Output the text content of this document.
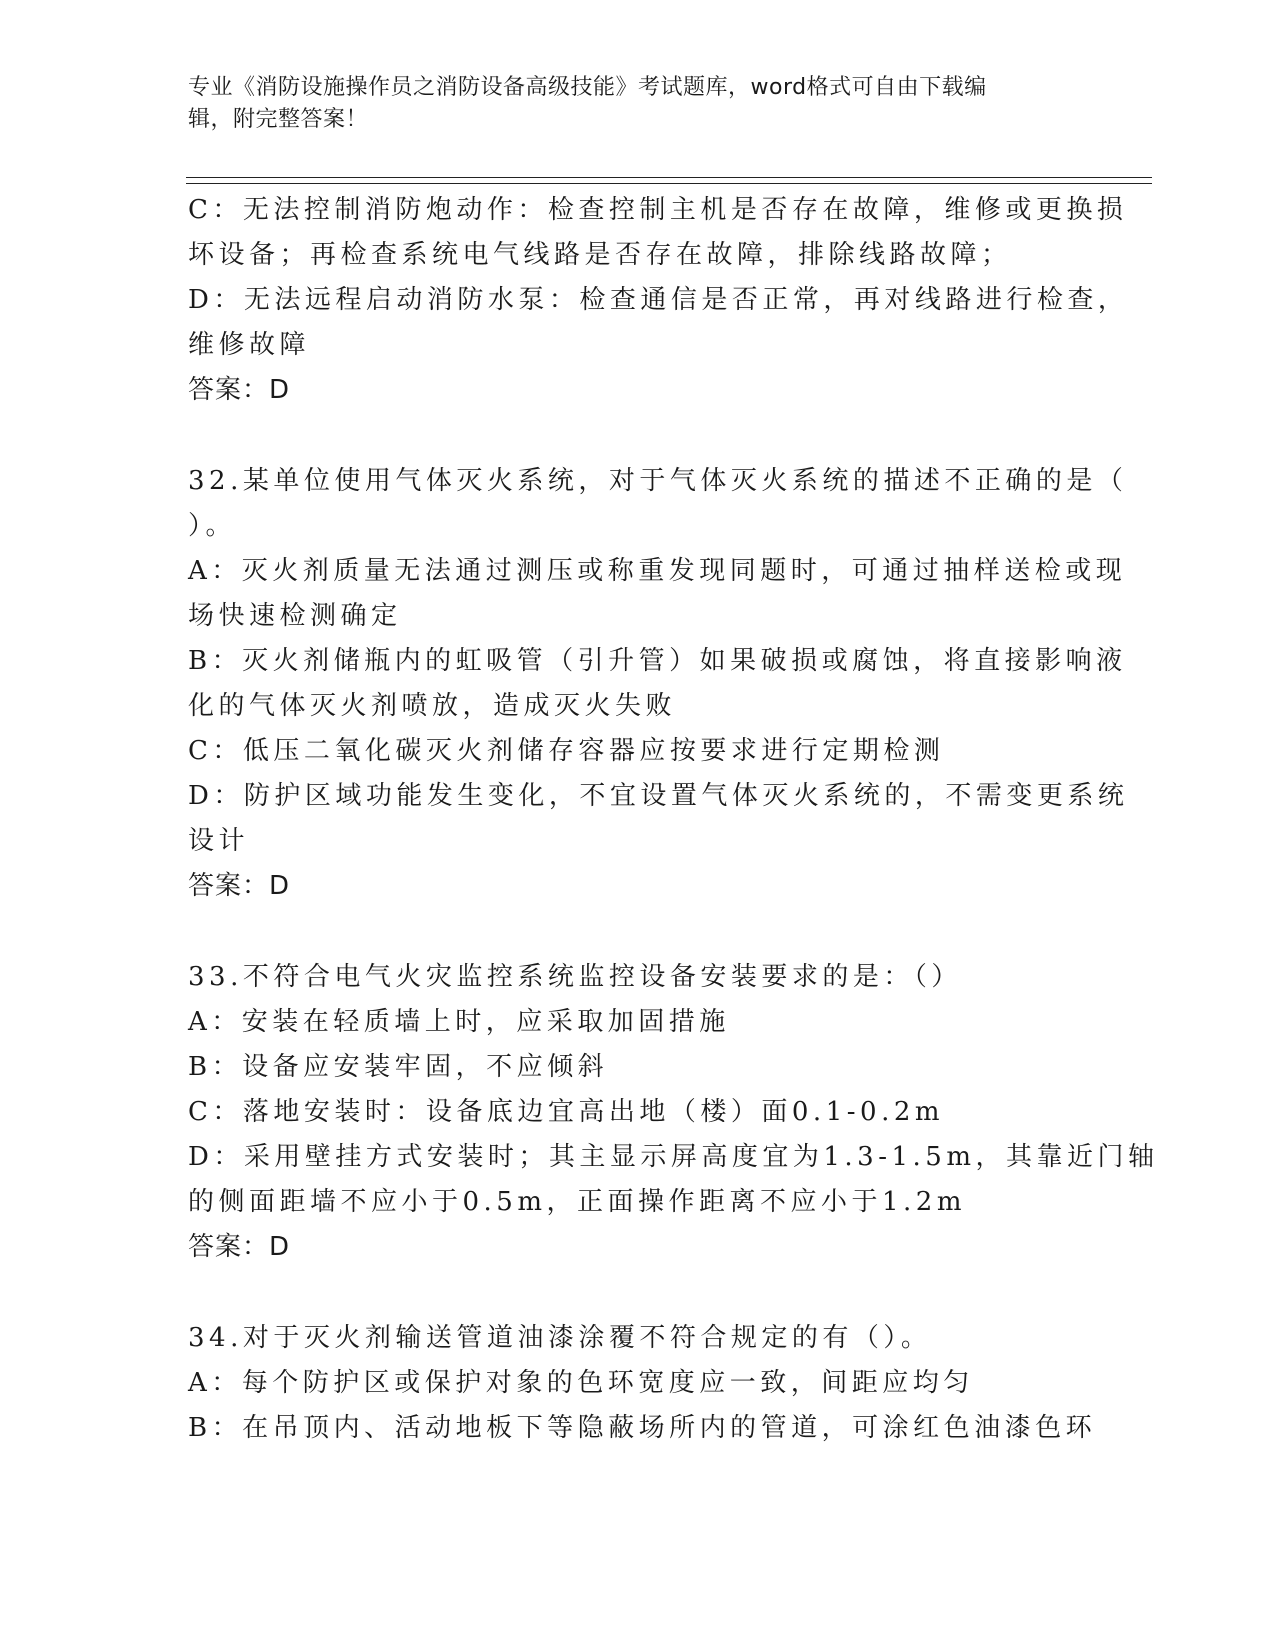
专业《消防设施操作员之消防设备高级技能》考试题库，word格式可自由下载编
辑，附完整答案！
C：无法控制消防炮动作：检查控制主机是否存在故障，维修或更换损
坏设备；再检查系统电气线路是否存在故障，排除线路故障；
D：无法远程启动消防水泵：检查通信是否正常，再对线路进行检查，
维修故障
答案：D
32.某单位使用气体灭火系统，对于气体灭火系统的描述不正确的是（
）。
A：灭火剂质量无法通过测压或称重发现同题时，可通过抽样送检或现
场快速检测确定
B：灭火剂储瓶内的虹吸管（引升管）如果破损或腐蚀，将直接影响液
化的气体灭火剂喷放，造成灭火失败
C：低压二氧化碳灭火剂储存容器应按要求进行定期检测
D：防护区域功能发生变化，不宜设置气体灭火系统的，不需变更系统
设计
答案：D
33.不符合电气火灾监控系统监控设备安装要求的是：（）
A：安装在轻质墙上时，应采取加固措施
B：设备应安装牢固，不应倾斜
C：落地安装时：设备底边宜高出地（楼）面0.1-0.2m
D：采用壁挂方式安装时；其主显示屏高度宜为1.3-1.5m，其靠近门轴
的侧面距墙不应小于0.5m，正面操作距离不应小于1.2m
答案：D
34.对于灭火剂输送管道油漆涂覆不符合规定的有（）。
A：每个防护区或保护对象的色环宽度应一致，间距应均匀
B：在吊顶内、活动地板下等隐蔽场所内的管道，可涂红色油漆色环
